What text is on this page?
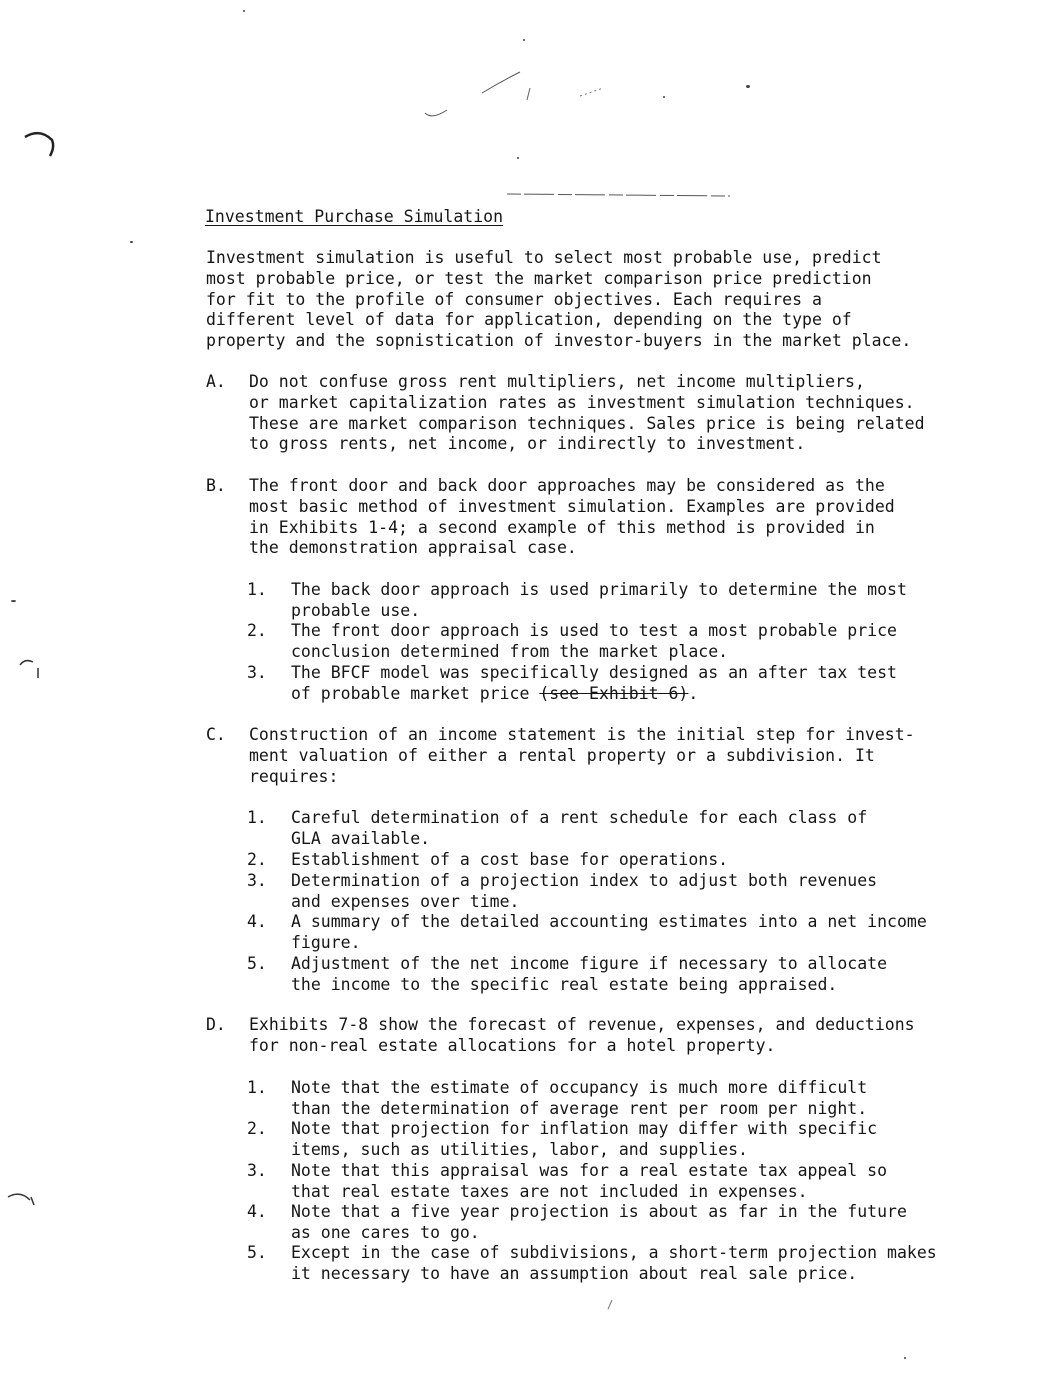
Investment Purchase Simulation
Investment simulation is useful to select most probable use, predict
most probable price, or test the market comparison price prediction
for fit to the profile of consumer objectives. Each requires a
different level of data for application, depending on the type of
property and the sopnistication of investor-buyers in the market place.
A. Do not confuse gross rent multipliers, net income multipliers,
or market capitalization rates as investment simulation techniques.
These are market comparison techniques. Sales price is being related
to gross rents, net income, or indirectly to investment.
B. The front door and back door approaches may be considered as the
most basic method of investment simulation. Examples are provided
in Exhibits 1-4; a second example of this method is provided in
the demonstration appraisal case.
1. The back door approach is used primarily to determine the most
probable use.
2. The front door approach is used to test a most probable price
conclusion determined from the market place.
3. The BFCF model was specifically designed as an after tax test
of probable market price (see Exhibit 6).
C. Construction of an income statement is the initial step for invest-
ment valuation of either a rental property or a subdivision. It
requires:
1. Careful determination of a rent schedule for each class of
GLA available.
2. Establishment of a cost base for operations.
3. Determination of a projection index to adjust both revenues
and expenses over time.
4. A summary of the detailed accounting estimates into a net income
figure.
5. Adjustment of the net income figure if necessary to allocate
the income to the specific real estate being appraised.
D. Exhibits 7-8 show the forecast of revenue, expenses, and deductions
for non-real estate allocations for a hotel property.
1. Note that the estimate of occupancy is much more difficult
than the determination of average rent per room per night.
2. Note that projection for inflation may differ with specific
items, such as utilities, labor, and supplies.
3. Note that this appraisal was for a real estate tax appeal so
that real estate taxes are not included in expenses.
4. Note that a five year projection is about as far in the future
as one cares to go.
5. Except in the case of subdivisions, a short-term projection makes
it necessary to have an assumption about real sale price.
